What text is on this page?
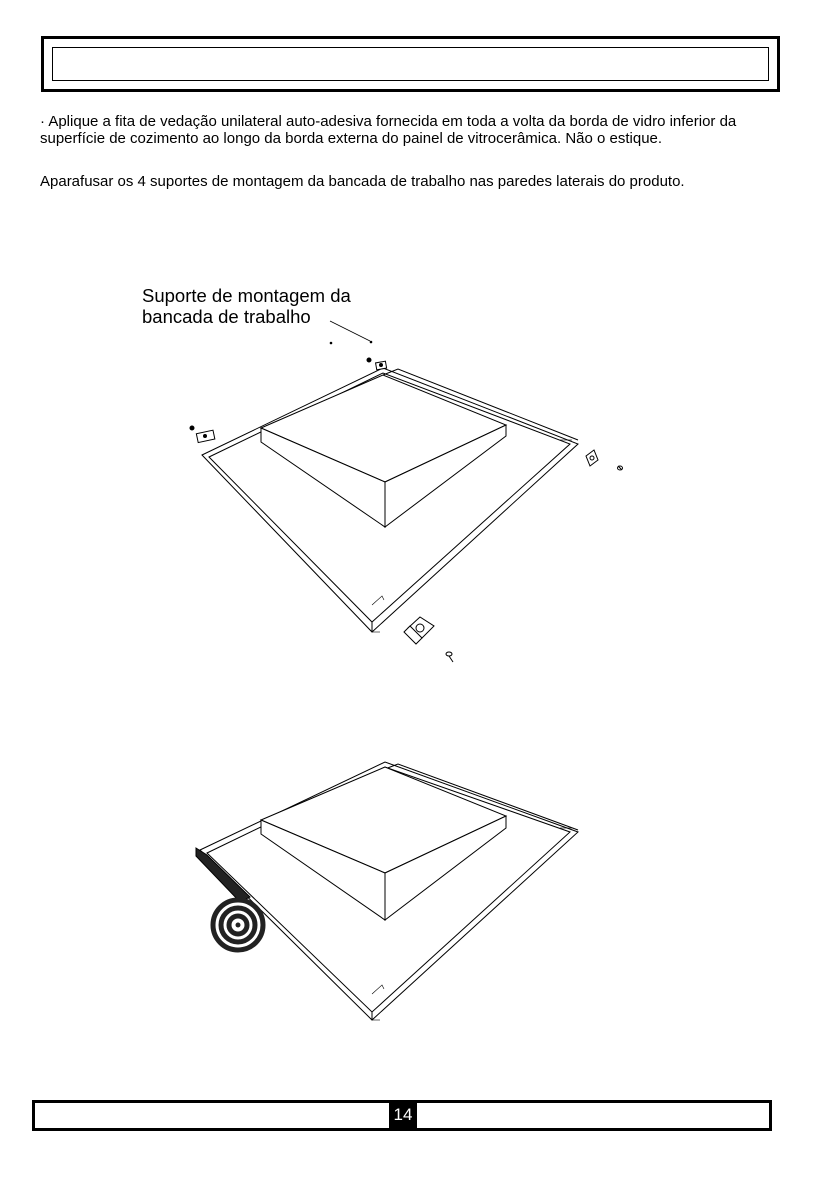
· Aplique a fita de vedação unilateral auto-adesiva fornecida em toda a volta da borda de vidro inferior da superfície de cozimento ao longo da borda externa do painel de vitrocerâmica. Não o estique.

Aparafusar os 4 suportes de montagem da bancada de trabalho nas paredes laterais do produto.

Suporte de montagem da
bancada de trabalho
14
